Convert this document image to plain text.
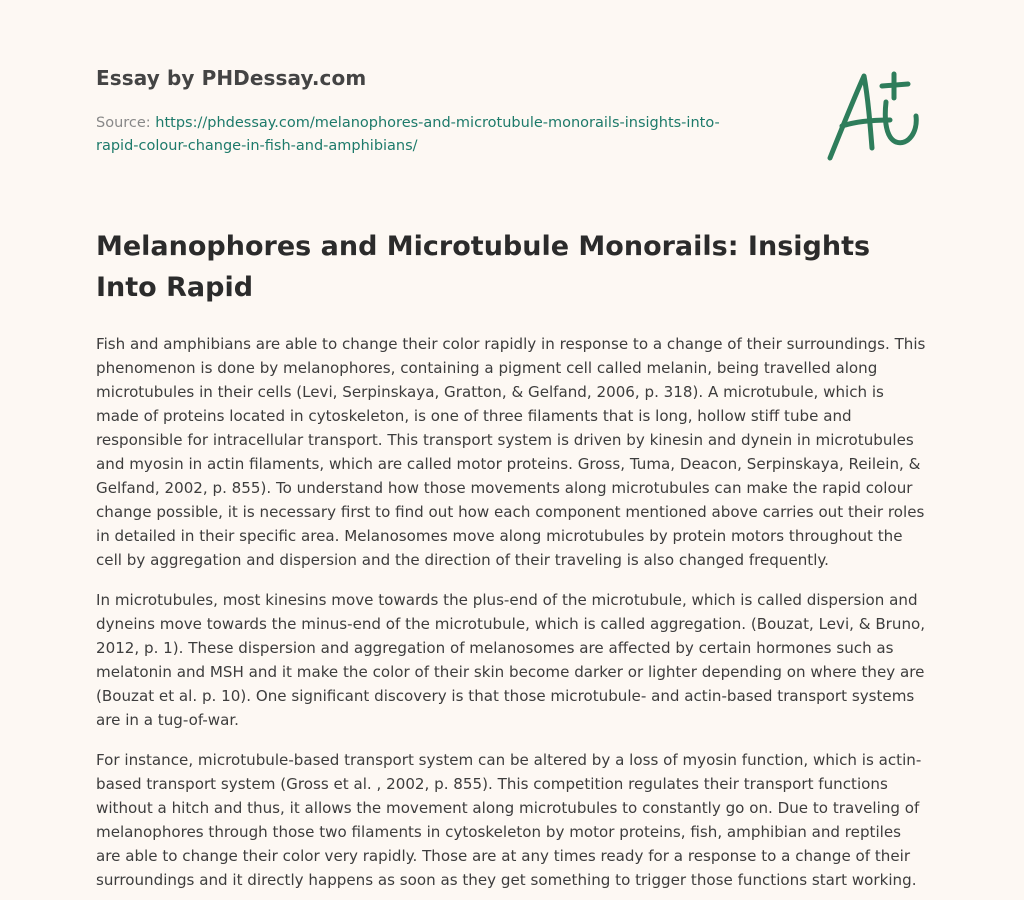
Essay by PHDessay.com
Source: https://phdessay.com/melanophores-and-microtubule-monorails-insights-into-rapid-colour-change-in-fish-and-amphibians/
Melanophores and Microtubule Monorails: Insights Into Rapid

Fish and amphibians are able to change their color rapidly in response to a change of their surroundings. This phenomenon is done by melanophores, containing a pigment cell called melanin, being travelled along microtubules in their cells (Levi, Serpinskaya, Gratton, & Gelfand, 2006, p. 318). A microtubule, which is made of proteins located in cytoskeleton, is one of three filaments that is long, hollow stiff tube and responsible for intracellular transport. This transport system is driven by kinesin and dynein in microtubules and myosin in actin filaments, which are called motor proteins. Gross, Tuma, Deacon, Serpinskaya, Reilein, & Gelfand, 2002, p. 855). To understand how those movements along microtubules can make the rapid colour change possible, it is necessary first to find out how each component mentioned above carries out their roles in detailed in their specific area. Melanosomes move along microtubules by protein motors throughout the cell by aggregation and dispersion and the direction of their traveling is also changed frequently.

In microtubules, most kinesins move towards the plus-end of the microtubule, which is called dispersion and dyneins move towards the minus-end of the microtubule, which is called aggregation. (Bouzat, Levi, & Bruno, 2012, p. 1). These dispersion and aggregation of melanosomes are affected by certain hormones such as melatonin and MSH and it make the color of their skin become darker or lighter depending on where they are (Bouzat et al. p. 10). One significant discovery is that those microtubule- and actin-based transport systems are in a tug-of-war.

For instance, microtubule-based transport system can be altered by a loss of myosin function, which is actin-based transport system (Gross et al. , 2002, p. 855). This competition regulates their transport functions without a hitch and thus, it allows the movement along microtubules to constantly go on. Due to traveling of melanophores through those two filaments in cytoskeleton by motor proteins, fish, amphibian and reptiles are able to change their color very rapidly. Those are at any times ready for a response to a change of their surroundings and it directly happens as soon as they get something to trigger those functions start working.
